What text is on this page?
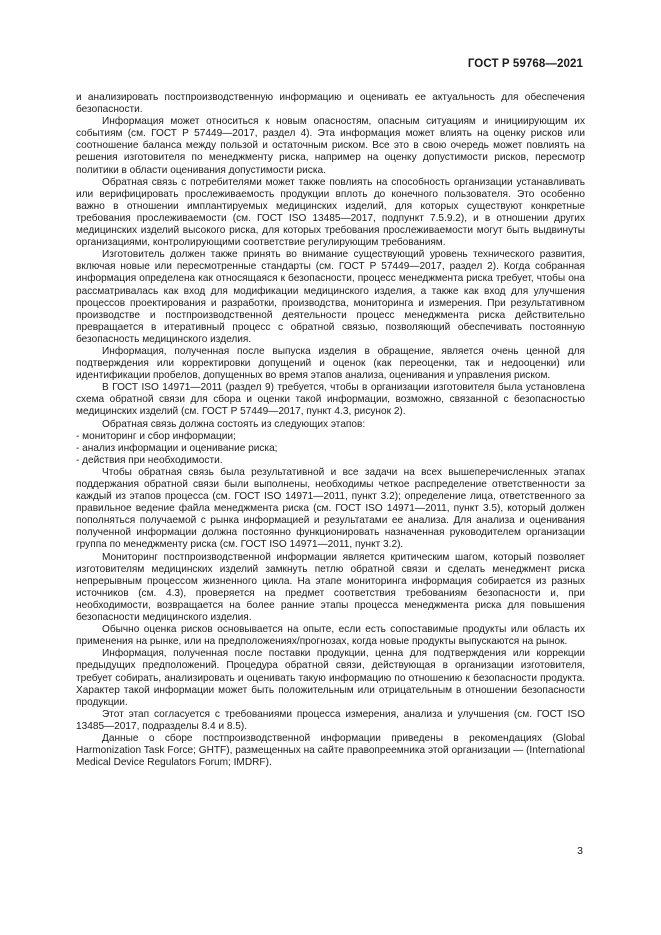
ГОСТ Р 59768—2021

и анализировать постпроизводственную информацию и оценивать ее актуальность для обеспечения безопасности.

Информация может относиться к новым опасностям, опасным ситуациям и инициирующим их событиям (см. ГОСТ Р 57449—2017, раздел 4). Эта информация может влиять на оценку рисков или соотношение баланса между пользой и остаточным риском. Все это в свою очередь может повлиять на решения изготовителя по менеджменту риска, например на оценку допустимости рисков, пересмотр политики в области оценивания допустимости риска.

Обратная связь с потребителями может также повлиять на способность организации устанавливать или верифицировать прослеживаемость продукции вплоть до конечного пользователя. Это особенно важно в отношении имплантируемых медицинских изделий, для которых существуют конкретные требования прослеживаемости (см. ГОСТ ISO 13485—2017, подпункт 7.5.9.2), и в отношении других медицинских изделий высокого риска, для которых требования прослеживаемости могут быть выдвинуты организациями, контролирующими соответствие регулирующим требованиям.

Изготовитель должен также принять во внимание существующий уровень технического развития, включая новые или пересмотренные стандарты (см. ГОСТ Р 57449—2017, раздел 2). Когда собранная информация определена как относящаяся к безопасности, процесс менеджмента риска требует, чтобы она рассматривалась как вход для модификации медицинского изделия, а также как вход для улучшения процессов проектирования и разработки, производства, мониторинга и измерения. При результативном производстве и постпроизводственной деятельности процесс менеджмента риска действительно превращается в итеративный процесс с обратной связью, позволяющий обеспечивать постоянную безопасность медицинского изделия.

Информация, полученная после выпуска изделия в обращение, является очень ценной для подтверждения или корректировки допущений и оценок (как переоценки, так и недооценки) или идентификации пробелов, допущенных во время этапов анализа, оценивания и управления риском.

В ГОСТ ISO 14971—2011 (раздел 9) требуется, чтобы в организации изготовителя была установлена схема обратной связи для сбора и оценки такой информации, возможно, связанной с безопасностью медицинских изделий (см. ГОСТ Р 57449—2017, пункт 4.3, рисунок 2).

Обратная связь должна состоять из следующих этапов:

- мониторинг и сбор информации;

- анализ информации и оценивание риска;

- действия при необходимости.

Чтобы обратная связь была результативной и все задачи на всех вышеперечисленных этапах поддержания обратной связи были выполнены, необходимы четкое распределение ответственности за каждый из этапов процесса (см. ГОСТ ISO 14971—2011, пункт 3.2); определение лица, ответственного за правильное ведение файла менеджмента риска (см. ГОСТ ISO 14971—2011, пункт 3.5), который должен пополняться получаемой с рынка информацией и результатами ее анализа. Для анализа и оценивания полученной информации должна постоянно функционировать назначенная руководителем организации группа по менеджменту риска (см. ГОСТ ISO 14971—2011, пункт 3.2).

Мониторинг постпроизводственной информации является критическим шагом, который позволяет изготовителям медицинских изделий замкнуть петлю обратной связи и сделать менеджмент риска непрерывным процессом жизненного цикла. На этапе мониторинга информация собирается из разных источников (см. 4.3), проверяется на предмет соответствия требованиям безопасности и, при необходимости, возвращается на более ранние этапы процесса менеджмента риска для повышения безопасности медицинского изделия.

Обычно оценка рисков основывается на опыте, если есть сопоставимые продукты или область их применения на рынке, или на предположениях/прогнозах, когда новые продукты выпускаются на рынок.

Информация, полученная после поставки продукции, ценна для подтверждения или коррекции предыдущих предположений. Процедура обратной связи, действующая в организации изготовителя, требует собирать, анализировать и оценивать такую информацию по отношению к безопасности продукта. Характер такой информации может быть положительным или отрицательным в отношении безопасности продукции.

Этот этап согласуется с требованиями процесса измерения, анализа и улучшения (см. ГОСТ ISO 13485—2017, подразделы 8.4 и 8.5).

Данные о сборе постпроизводственной информации приведены в рекомендациях (Global Harmonization Task Force; GHTF), размещенных на сайте правопреемника этой организации — (International Medical Device Regulators Forum; IMDRF).

3
